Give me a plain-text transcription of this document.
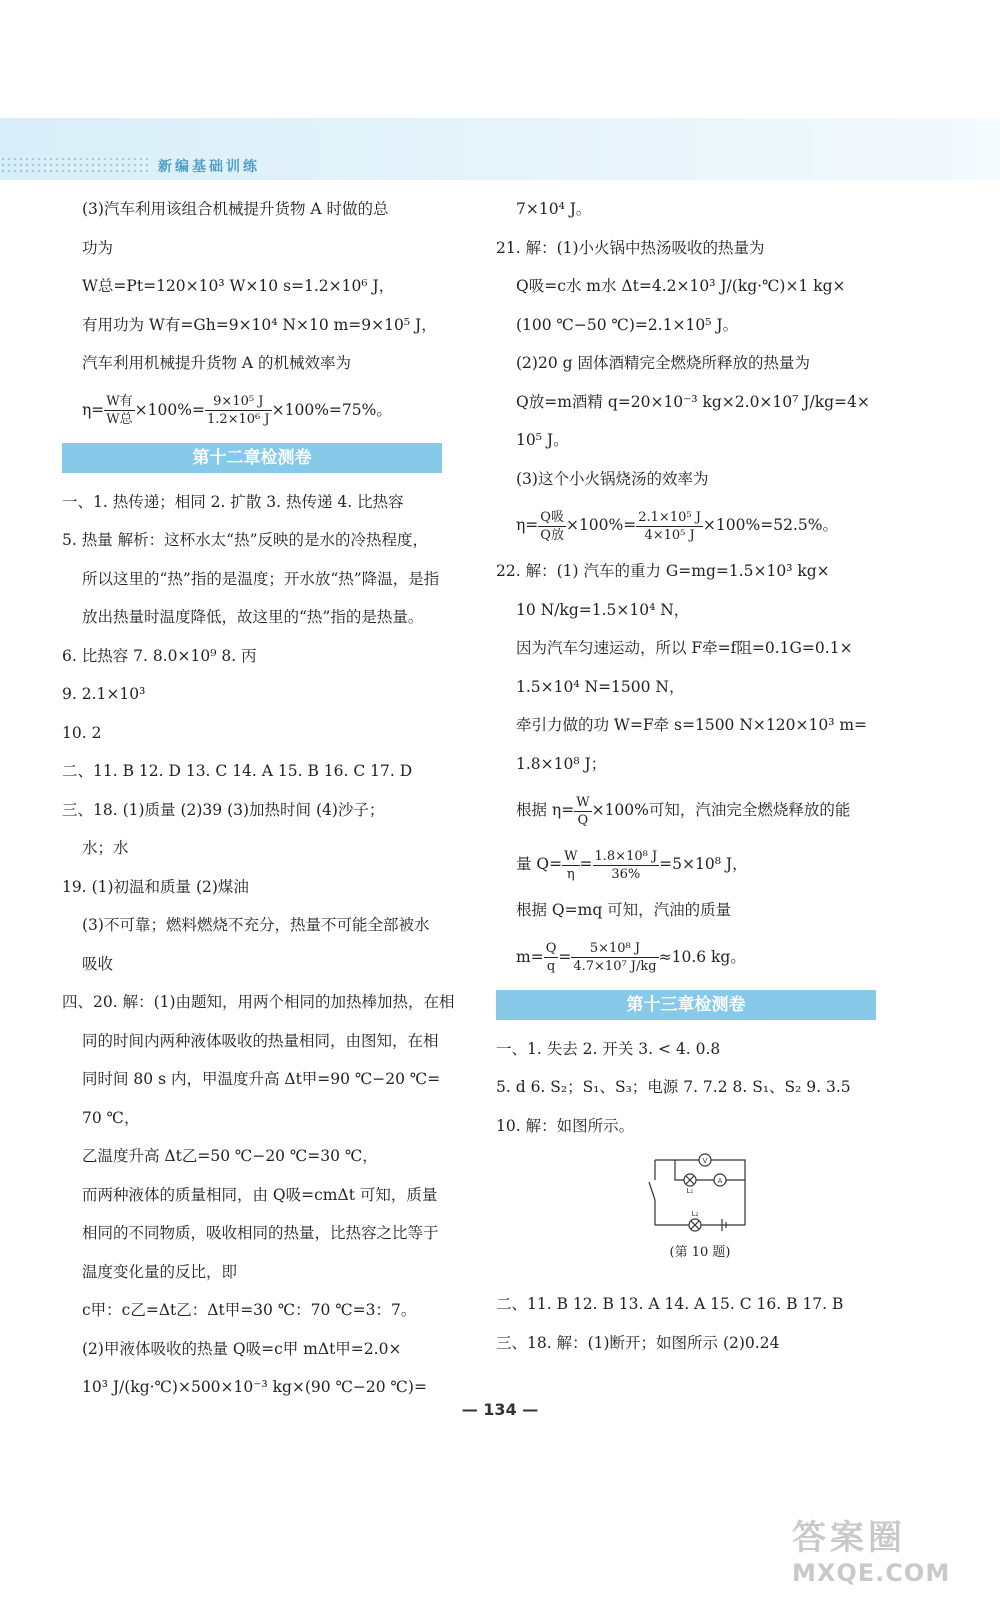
新编基础训练
(3)汽车利用该组合机械提升货物 A 时做的总
功为
W总=Pt=120×10³ W×10 s=1.2×10⁶ J，
有用功为 W有=Gh=9×10⁴ N×10 m=9×10⁵ J，
汽车利用机械提升货物 A 的机械效率为
$\eta= \frac{\text{W有}}{\text{W总}} \times 100\%= \frac{\text{9×10⁵ J}}{\text{1.2×10⁶ J}} \times 100\%=75\%$。
第十二章检测卷
一、1. 热传递；相同 2. 扩散 3. 热传递 4. 比热容
5. 热量 解析：这杯水太“热”反映的是水的冷热程度，
所以这里的“热”指的是温度；开水放“热”降温，是指
放出热量时温度降低，故这里的“热”指的是热量。
6. 比热容 7. 8.0×10⁹ 8. 丙
9. 2.1×10³
10. 2
二、11. B 12. D 13. C 14. A 15. B 16. C 17. D
三、18. (1)质量 (2)39 (3)加热时间 (4)沙子；
水；水
19. (1)初温和质量 (2)煤油
(3)不可靠；燃料燃烧不充分，热量不可能全部被水
吸收
四、20. 解：(1)由题知，用两个相同的加热棒加热，在相
同的时间内两种液体吸收的热量相同，由图知，在相
同时间 80 s 内，甲温度升高 Δt甲=90 ℃−20 ℃=
70 ℃，
乙温度升高 Δt乙=50 ℃−20 ℃=30 ℃，
而两种液体的质量相同，由 Q吸=cmΔt 可知，质量
相同的不同物质，吸收相同的热量，比热容之比等于
温度变化量的反比，即
c甲：c乙=Δt乙：Δt甲=30 ℃：70 ℃=3：7。
(2)甲液体吸收的热量 Q吸=c甲 mΔt甲=2.0×
10³ J/(kg·℃)×500×10⁻³ kg×(90 ℃−20 ℃)=
7×10⁴ J。
21. 解：(1)小火锅中热汤吸收的热量为
Q吸=c水 m水 Δt=4.2×10³ J/(kg·℃)×1 kg×
(100 ℃−50 ℃)=2.1×10⁵ J。
(2)20 g 固体酒精完全燃烧所释放的热量为
Q放=m酒精 q=20×10⁻³ kg×2.0×10⁷ J/kg=4×
10⁵ J。
(3)这个小火锅烧汤的效率为
$\eta= \frac{\text{Q吸}}{\text{Q放}} \times 100\%= \frac{\text{2.1×10⁵ J}}{\text{4×10⁵ J}} \times 100\%=52.5\%$。
22. 解：(1) 汽车的重力 G=mg=1.5×10³ kg×
10 N/kg=1.5×10⁴ N，
因为汽车匀速运动，所以 F牵=f阻=0.1G=0.1×
1.5×10⁴ N=1500 N，
牵引力做的功 W=F牵 s=1500 N×120×10³ m=
1.8×10⁸ J；
根据 $\eta= \frac{W}{Q} \times 100\%$可知，汽油完全燃烧释放的能
量 $Q= \frac{W}{\eta} = \frac{\text{1.8×10⁸ J}}{36\%} =5\times 10^8$ J，
根据 Q=mq 可知，汽油的质量
$m= \frac{Q}{q} = \frac{\text{5×10⁸ J}}{\text{4.7×10⁷ J/kg}} \approx 10.6$ kg。
第十三章检测卷
一、1. 失去 2. 开关 3. < 4. 0.8
5. d 6. S₂；S₁、S₃；电源 7. 7.2 8. S₁、S₂ 9. 3.5
10. 解：如图所示。
V
A
L₁
L₂
(第 10 题)
二、11. B 12. B 13. A 14. A 15. C 16. B 17. B
三、18. 解：(1)断开；如图所示 (2)0.24
— 134 —
答案圈
MXQE.COM
